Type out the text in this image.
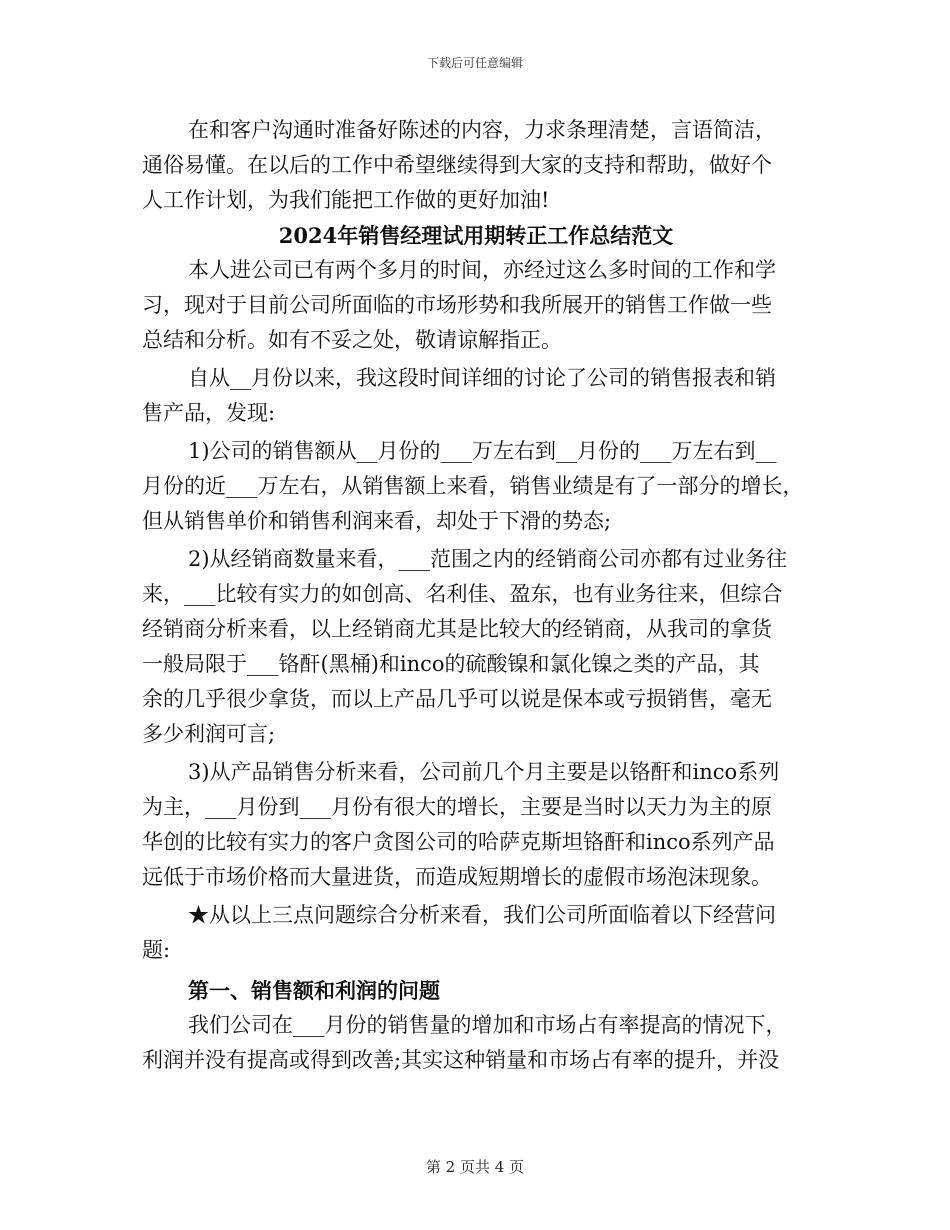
下载后可任意编辑
在和客户沟通时准备好陈述的内容，力求条理清楚，言语简洁，
通俗易懂。在以后的工作中希望继续得到大家的支持和帮助，做好个
人工作计划，为我们能把工作做的更好加油!
2024年销售经理试用期转正工作总结范文
本人进公司已有两个多月的时间，亦经过这么多时间的工作和学
习，现对于目前公司所面临的市场形势和我所展开的销售工作做一些
总结和分析。如有不妥之处，敬请谅解指正。
自从__月份以来，我这段时间详细的讨论了公司的销售报表和销
售产品，发现:
1)公司的销售额从__月份的___万左右到__月份的___万左右到__
月份的近___万左右，从销售额上来看，销售业绩是有了一部分的增长，
但从销售单价和销售利润来看，却处于下滑的势态;
2)从经销商数量来看，___范围之内的经销商公司亦都有过业务往
来，___比较有实力的如创高、名利佳、盈东，也有业务往来，但综合
经销商分析来看，以上经销商尤其是比较大的经销商，从我司的拿货
一般局限于___铬酐(黑桶)和inco的硫酸镍和氯化镍之类的产品，其
余的几乎很少拿货，而以上产品几乎可以说是保本或亏损销售，毫无
多少利润可言;
3)从产品销售分析来看，公司前几个月主要是以铬酐和inco系列
为主，___月份到___月份有很大的增长，主要是当时以天力为主的原
华创的比较有实力的客户贪图公司的哈萨克斯坦铬酐和inco系列产品
远低于市场价格而大量进货，而造成短期增长的虚假市场泡沫现象。
★从以上三点问题综合分析来看，我们公司所面临着以下经营问
题:
第一、销售额和利润的问题
我们公司在___月份的销售量的增加和市场占有率提高的情况下，
利润并没有提高或得到改善;其实这种销量和市场占有率的提升，并没
第 2 页共 4 页
